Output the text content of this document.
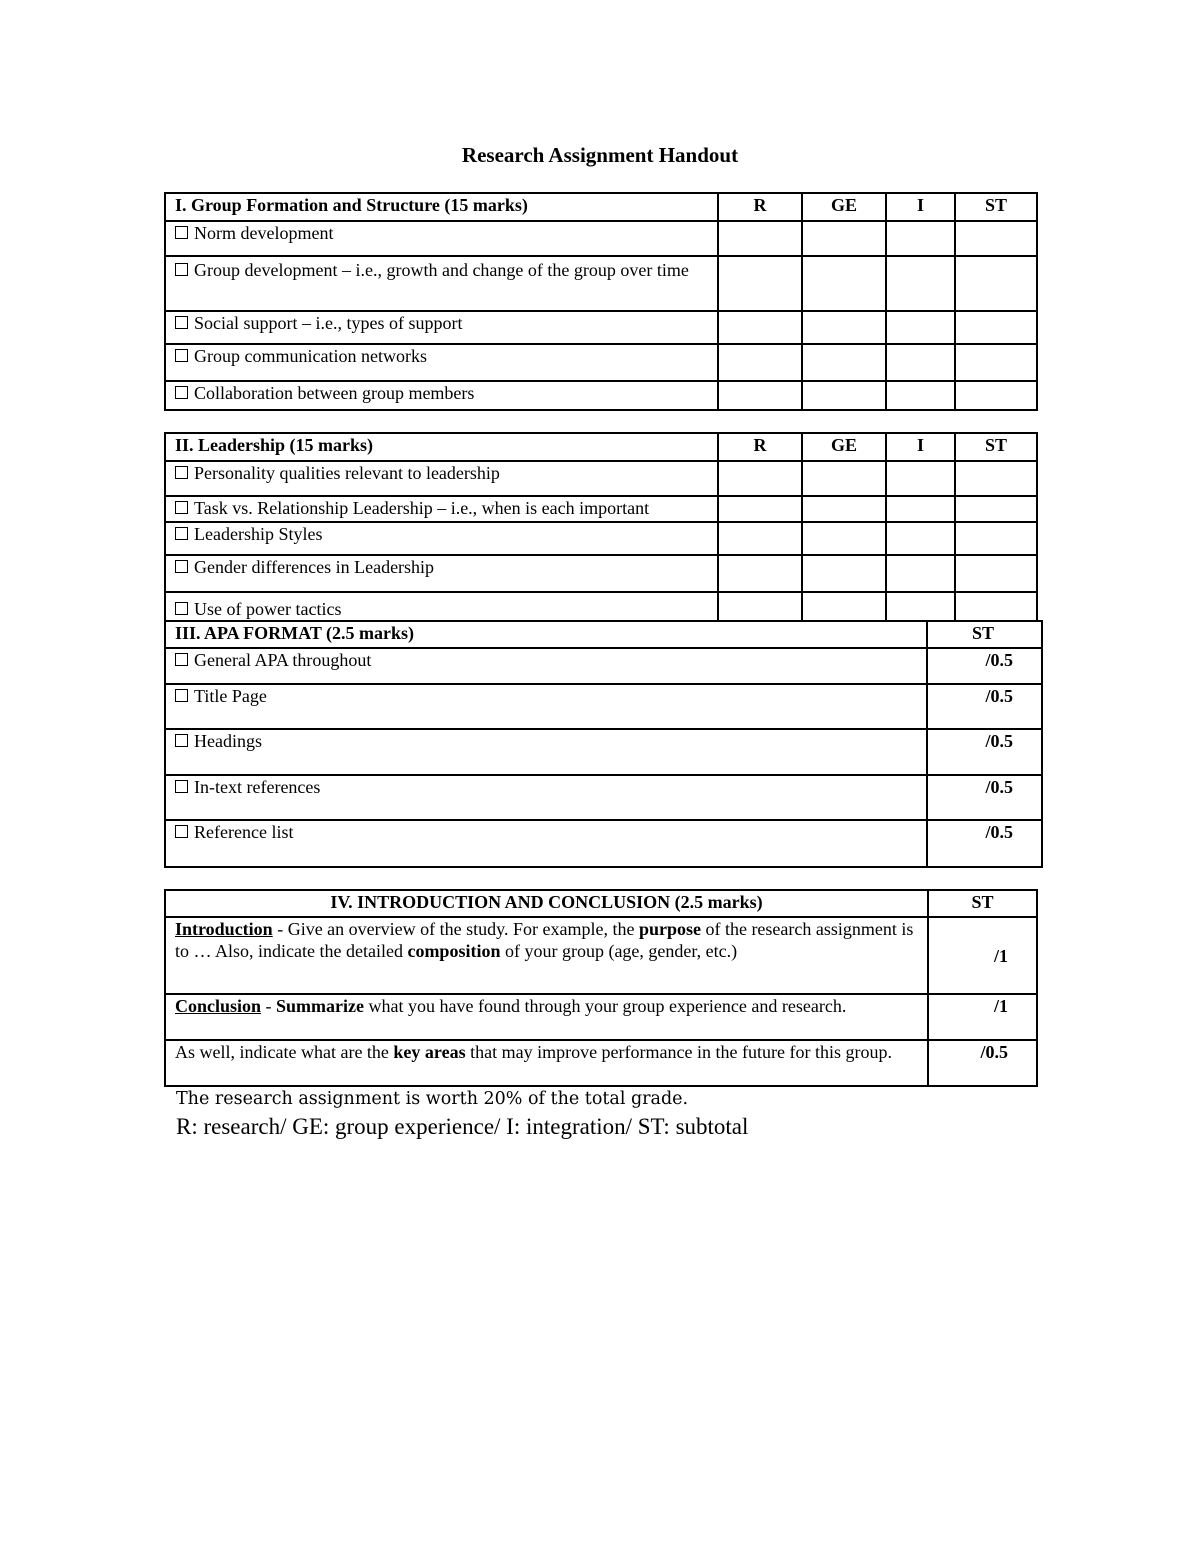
Research Assignment Handout
I. Group Formation and Structure (15 marks)	R	GE	I	ST
Norm development				
Group development – i.e., growth and change of the group over time				
Social support – i.e., types of support				
Group communication networks				
Collaboration between group members				
II. Leadership (15 marks)	R	GE	I	ST
Personality qualities relevant to leadership				
Task vs. Relationship Leadership – i.e., when is each important				
Leadership Styles				
Gender differences in Leadership				
Use of power tactics				
III. APA FORMAT (2.5 marks)	ST
General APA throughout	/0.5
Title Page	/0.5
Headings	/0.5
In-text references	/0.5
Reference list	/0.5
IV. INTRODUCTION AND CONCLUSION (2.5 marks)	ST
Introduction - Give an overview of the study. For example, the purpose of the research assignment is to … Also, indicate the detailed composition of your group (age, gender, etc.)	/1
Conclusion - Summarize what you have found through your group experience and research.	/1
As well, indicate what are the key areas that may improve performance in the future for this group.	/0.5
The research assignment is worth 20% of the total grade.
R: research/ GE: group experience/ I: integration/ ST: subtotal
